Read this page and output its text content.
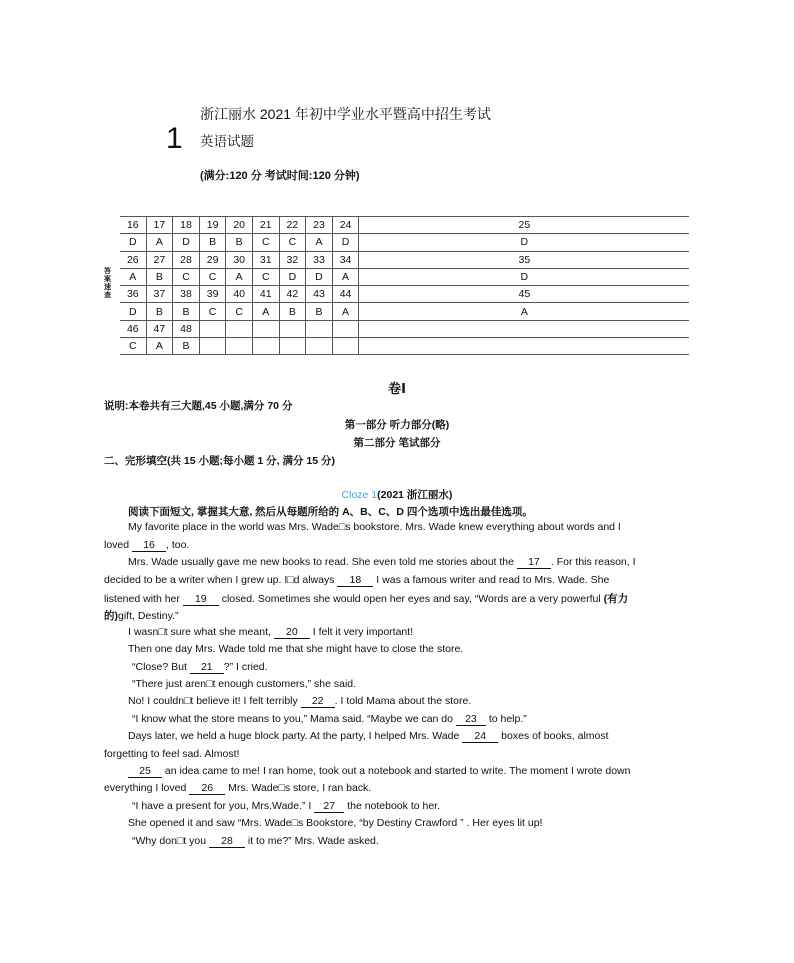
1
浙江丽水 2021 年初中学业水平暨高中招生考试
英语试题
(满分:120 分 考试时间:120 分钟)
答案速查
16	17	18	19	20	21	22	23	24	25
D	A	D	B	B	C	C	A	D	D
26	27	28	29	30	31	32	33	34	35
A	B	C	C	A	C	D	D	A	D
36	37	38	39	40	41	42	43	44	45
D	B	B	C	C	A	B	B	A	A
46	47	48							
C	A	B							
卷Ⅰ
说明:本卷共有三大题,45 小题,满分 70 分
第一部分 听力部分(略)
第二部分 笔试部分
二、完形填空(共 15 小题;每小题 1 分, 满分 15 分)
Cloze 1(2021 浙江丽水)
阅读下面短文, 掌握其大意, 然后从每题所给的 A、B、C、D 四个选项中选出最佳选项。
My favorite place in the world was Mrs. Wade□s bookstore. Mrs. Wade knew everything about words and I
loved 16 , too.
Mrs. Wade usually gave me new books to read. She even told me stories about the 17 . For this reason, I
decided to be a writer when I grew up. I□d always 18 I was a famous writer and read to Mrs. Wade. She
listened with her 19 closed. Sometimes she would open her eyes and say, “Words are a very powerful (有力
的)gift, Destiny.”
I wasn□t sure what she meant, 20 I felt it very important!
Then one day Mrs. Wade told me that she might have to close the store.
“Close? But 21 ?” I cried.
“There just aren□t enough customers,” she said.
No! I couldn□t believe it! I felt terribly 22 . I told Mama about the store.
“I know what the store means to you,” Mama said. “Maybe we can do 23 to help.”
Days later, we held a huge block party. At the party, I helped Mrs. Wade 24 boxes of books, almost
forgetting to feel sad. Almost!
25 an idea came to me! I ran home, took out a notebook and started to write. The moment I wrote down
everything I loved 26 Mrs. Wade□s store, I ran back.
“I have a present for you, Mrs.Wade.” I 27 the notebook to her.
She opened it and saw “Mrs. Wade□s Bookstore, “by Destiny Crawford ” . Her eyes lit up!
“Why don□t you 28 it to me?” Mrs. Wade asked.
